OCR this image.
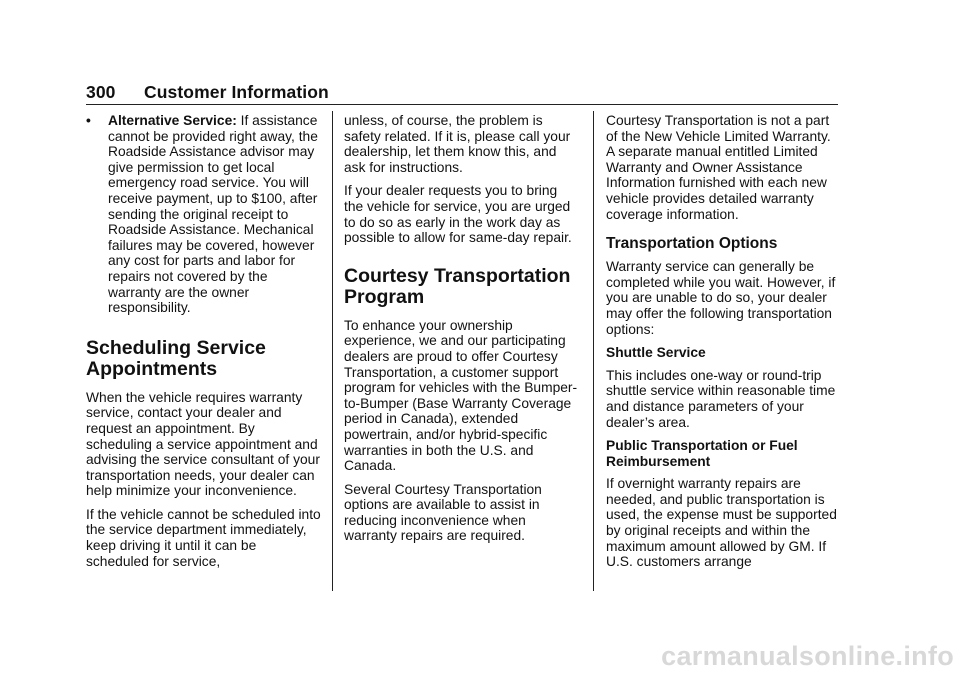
300 Customer Information
•	Alternative Service: If assistance cannot be provided right away, the Roadside Assistance advisor may give permission to get local emergency road service. You will receive payment, up to $100, after sending the original receipt to Roadside Assistance. Mechanical failures may be covered, however any cost for parts and labor for repairs not covered by the warranty are the owner responsibility.
Scheduling Service Appointments

When the vehicle requires warranty service, contact your dealer and request an appointment. By scheduling a service appointment and advising the service consultant of your transportation needs, your dealer can help minimize your inconvenience.

If the vehicle cannot be scheduled into the service department immediately, keep driving it until it can be scheduled for service,

unless, of course, the problem is safety related. If it is, please call your dealership, let them know this, and ask for instructions.

If your dealer requests you to bring the vehicle for service, you are urged to do so as early in the work day as possible to allow for same-day repair.

Courtesy Transportation Program

To enhance your ownership experience, we and our participating dealers are proud to offer Courtesy Transportation, a customer support program for vehicles with the Bumper-to-Bumper (Base Warranty Coverage period in Canada), extended powertrain, and/or hybrid-specific warranties in both the U.S. and Canada.

Several Courtesy Transportation options are available to assist in reducing inconvenience when warranty repairs are required.

Courtesy Transportation is not a part of the New Vehicle Limited Warranty. A separate manual entitled Limited Warranty and Owner Assistance Information furnished with each new vehicle provides detailed warranty coverage information.

Transportation Options

Warranty service can generally be completed while you wait. However, if you are unable to do so, your dealer may offer the following transportation options:

Shuttle Service

This includes one-way or round-trip shuttle service within reasonable time and distance parameters of your dealer’s area.

Public Transportation or Fuel Reimbursement

If overnight warranty repairs are needed, and public transportation is used, the expense must be supported by original receipts and within the maximum amount allowed by GM. If U.S. customers arrange

carmanualsonline.info
